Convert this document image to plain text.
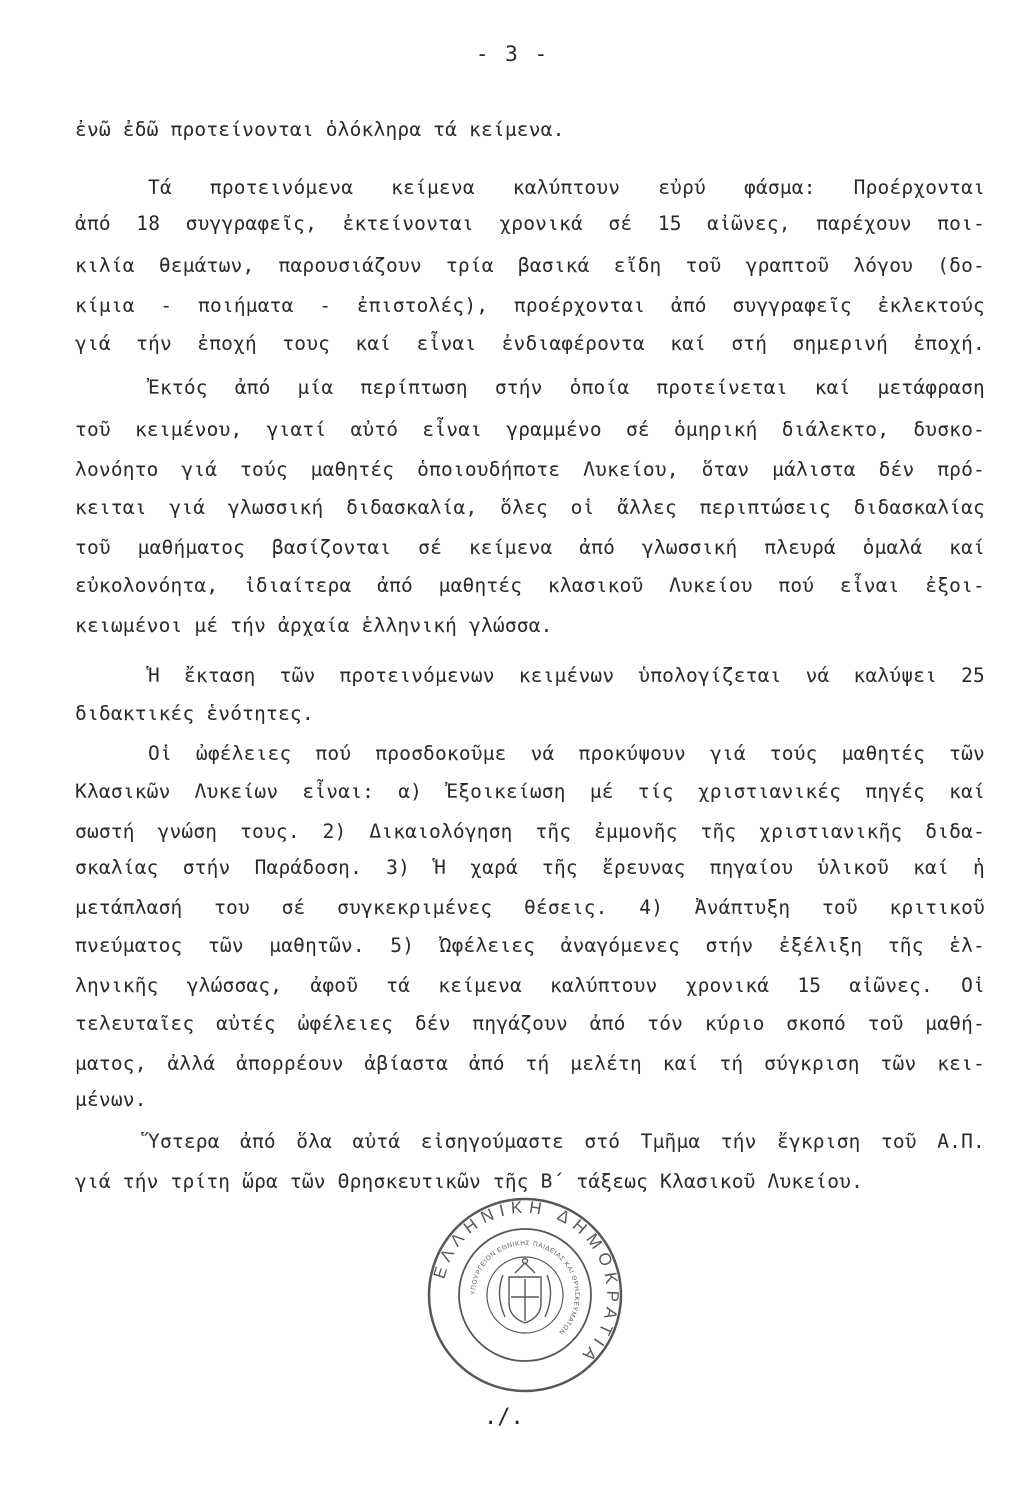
- 3 -
ἐνῶ ἐδῶ προτείνονται ὁλόκληρα τά κείμενα.
Τά προτεινόμενα κείμενα καλύπτουν εὐρύ φάσμα: Προέρχονται
ἀπό 18 συγγραφεῖς, ἐκτείνονται χρονικά σέ 15 αἰῶνες, παρέχουν ποι-
κιλία θεμάτων, παρουσιάζουν τρία βασικά εἴδη τοῦ γραπτοῦ λόγου (δο-
κίμια - ποιήματα - ἐπιστολές), προέρχονται ἀπό συγγραφεῖς ἐκλεκτούς
γιά τήν ἐποχή τους καί εἶναι ἐνδιαφέροντα καί στή σημερινή ἐποχή.
Ἐκτός ἀπό μία περίπτωση στήν ὁποία προτείνεται καί μετάφραση
τοῦ κειμένου, γιατί αὐτό εἶναι γραμμένο σέ ὁμηρική διάλεκτο, δυσκο-
λονόητο γιά τούς μαθητές ὁποιουδήποτε Λυκείου, ὅταν μάλιστα δέν πρό-
κειται γιά γλωσσική διδασκαλία, ὅλες οἱ ἄλλες περιπτώσεις διδασκαλίας
τοῦ μαθήματος βασίζονται σέ κείμενα ἀπό γλωσσική πλευρά ὁμαλά καί
εὐκολονόητα, ἰδιαίτερα ἀπό μαθητές κλασικοῦ Λυκείου πού εἶναι ἐξοι-
κειωμένοι μέ τήν ἀρχαία ἑλληνική γλώσσα.
Ἡ ἔκταση τῶν προτεινόμενων κειμένων ὑπολογίζεται νά καλύψει 25
διδακτικές ἑνότητες.
Οἱ ὠφέλειες πού προσδοκοῦμε νά προκύψουν γιά τούς μαθητές τῶν
Κλασικῶν Λυκείων εἶναι: α) Ἐξοικείωση μέ τίς χριστιανικές πηγές καί
σωστή γνώση τους. 2) Δικαιολόγηση τῆς ἐμμονῆς τῆς χριστιανικῆς διδα-
σκαλίας στήν Παράδοση. 3) Ἡ χαρά τῆς ἔρευνας πηγαίου ὑλικοῦ καί ἡ
μετάπλασή του σέ συγκεκριμένες θέσεις. 4) Ἀνάπτυξη τοῦ κριτικοῦ
πνεύματος τῶν μαθητῶν. 5) Ὠφέλειες ἀναγόμενες στήν ἐξέλιξη τῆς ἑλ-
ληνικῆς γλώσσας, ἀφοῦ τά κείμενα καλύπτουν χρονικά 15 αἰῶνες. Οἱ
τελευταῖες αὐτές ὠφέλειες δέν πηγάζουν ἀπό τόν κύριο σκοπό τοῦ μαθή-
ματος, ἀλλά ἀπορρέουν ἀβίαστα ἀπό τή μελέτη καί τή σύγκριση τῶν κει-
μένων.
Ὕστερα ἀπό ὅλα αὐτά εἰσηγούμαστε στό Τμῆμα τήν ἔγκριση τοῦ Α.Π.
γιά τήν τρίτη ὥρα τῶν Θρησκευτικῶν τῆς Β΄ τάξεως Κλασικοῦ Λυκείου.
ΕΛΛΗΝΙΚΗ ΔΗΜΟΚΡΑΤΙΑ
ΥΠΟΥΡΓΕΙΟΝ ΕΘΝΙΚΗΣ ΠΑΙΔΕΙΑΣ ΚΑΙ ΘΡΗΣΚΕΥΜΑΤΩΝ
./.
